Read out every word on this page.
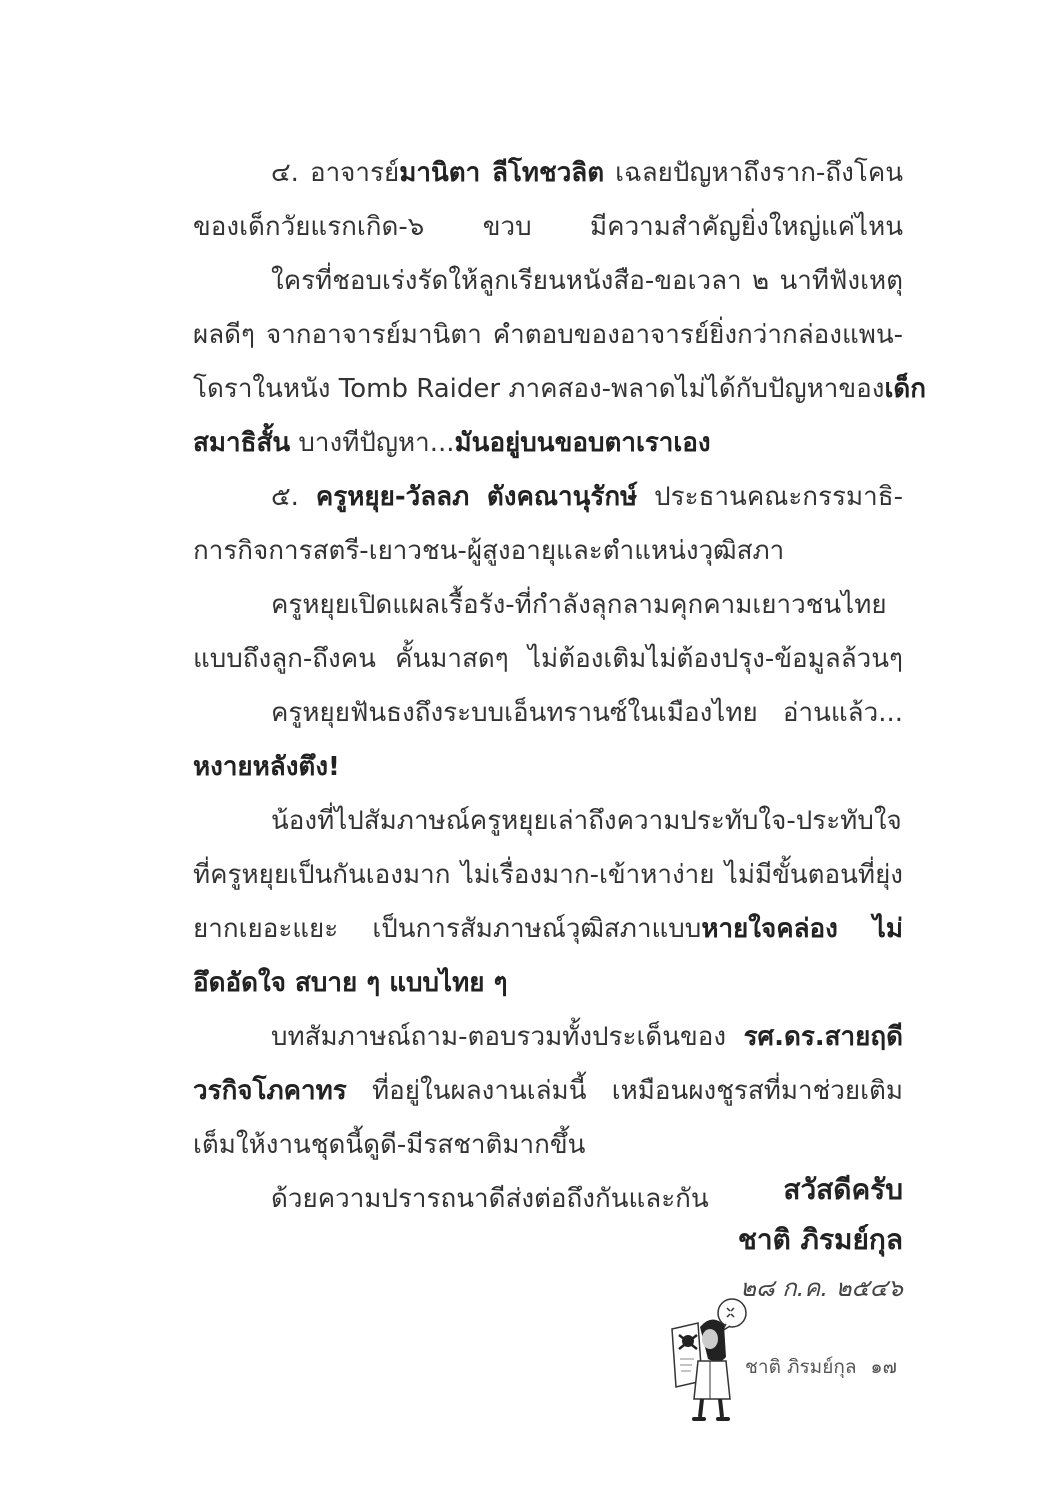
๔. อาจารย์มานิตา ลีโทชวลิต เฉลยปัญหาถึงราก-ถึงโคน
ของเด็กวัยแรกเกิด-๖ ขวบ มีความสำคัญยิ่งใหญ่แค่ไหน
ใครที่ชอบเร่งรัดให้ลูกเรียนหนังสือ-ขอเวลา ๒ นาทีฟังเหตุ
ผลดีๆ จากอาจารย์มานิตา คำตอบของอาจารย์ยิ่งกว่ากล่องแพน-
โดราในหนัง Tomb Raider ภาคสอง-พลาดไม่ได้กับปัญหาของเด็ก
สมาธิสั้น บางทีปัญหา...มันอยู่บนขอบตาเราเอง
๕. ครูหยุย-วัลลภ ตังคณานุรักษ์ ประธานคณะกรรมาธิ-
การกิจการสตรี-เยาวชน-ผู้สูงอายุและตำแหน่งวุฒิสภา
ครูหยุยเปิดแผลเรื้อรัง-ที่กำลังลุกลามคุกคามเยาวชนไทย
แบบถึงลูก-ถึงคน คั้นมาสดๆ ไม่ต้องเติมไม่ต้องปรุง-ข้อมูลล้วนๆ
ครูหยุยฟันธงถึงระบบเอ็นทรานซ์ในเมืองไทย อ่านแล้ว...
หงายหลังตึง!
น้องที่ไปสัมภาษณ์ครูหยุยเล่าถึงความประทับใจ-ประทับใจ
ที่ครูหยุยเป็นกันเองมาก ไม่เรื่องมาก-เข้าหาง่าย ไม่มีขั้นตอนที่ยุ่ง
ยากเยอะแยะ เป็นการสัมภาษณ์วุฒิสภาแบบหายใจคล่อง ไม่
อึดอัดใจ สบาย ๆ แบบไทย ๆ
บทสัมภาษณ์ถาม-ตอบรวมทั้งประเด็นของ รศ.ดร.สายฤดี
วรกิจโภคาทร ที่อยู่ในผลงานเล่มนี้ เหมือนผงชูรสที่มาช่วยเติม
เต็มให้งานชุดนี้ดูดี-มีรสชาติมากขึ้น
ด้วยความปรารถนาดีส่งต่อถึงกันและกัน	สวัสดีครับ
ชาติ ภิรมย์กุล
๒๘ ก.ค. ๒๕๔๖
ชาติ ภิรมย์กุล ๑๗
